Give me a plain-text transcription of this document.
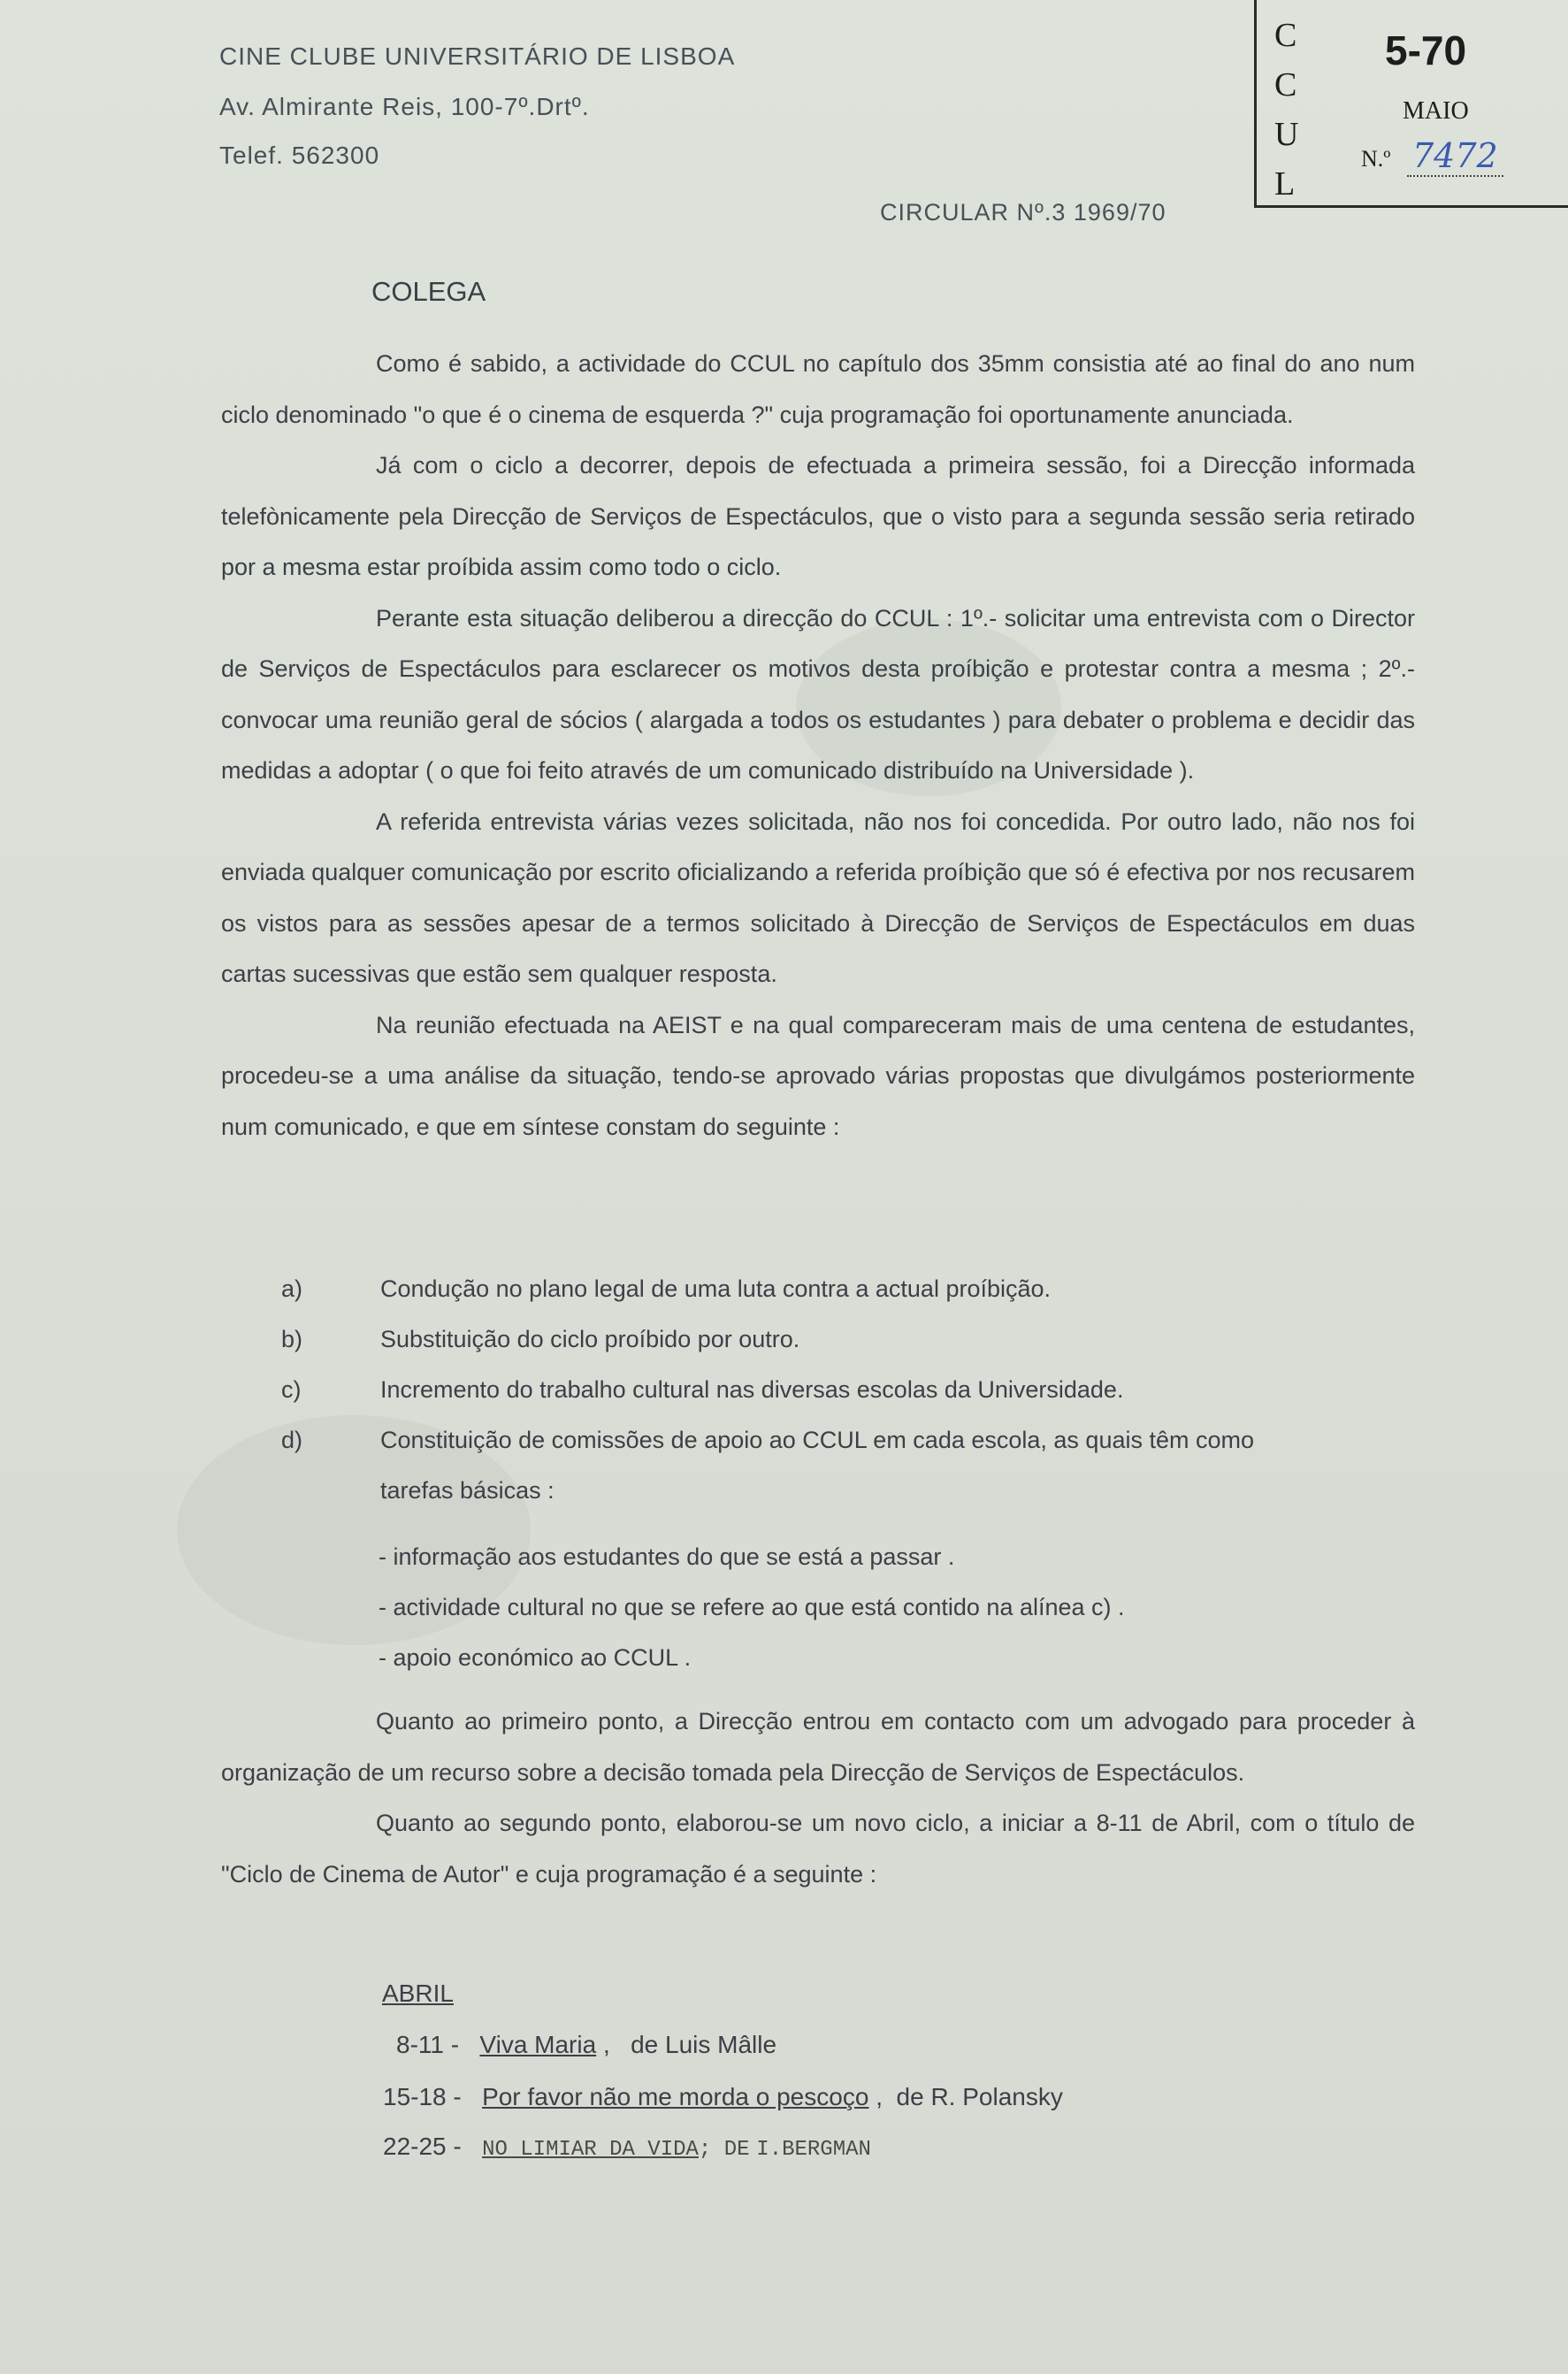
CINE CLUBE UNIVERSITÁRIO DE LISBOA
Av. Almirante Reis, 100-7º.Drtº.
Telef. 562300
C
C
U
L
5-70
MAIO
N.º 7472
CIRCULAR Nº.3 1969/70
COLEGA

Como é sabido, a actividade do CCUL no capítulo dos 35mm consistia até ao final do ano num ciclo denominado "o que é o cinema de esquerda ?" cuja programação foi oportunamente anunciada.

Já com o ciclo a decorrer, depois de efectuada a primeira sessão, foi a Direcção informada telefònicamente pela Direcção de Serviços de Espectáculos, que o visto para a segunda sessão seria retirado por a mesma estar proíbida assim como todo o ciclo.

Perante esta situação deliberou a direcção do CCUL : 1º.- solicitar uma entrevista com o Director de Serviços de Espectáculos para esclarecer os motivos desta proíbição e protestar contra a mesma ; 2º.- convocar uma reunião geral de sócios ( alargada a todos os estudantes ) para debater o problema e decidir das medidas a adoptar ( o que foi feito através de um comunicado distribuído na Universidade ).

A referida entrevista várias vezes solicitada, não nos foi concedida. Por outro lado, não nos foi enviada qualquer comunicação por escrito oficializando a referida proíbição que só é efectiva por nos recusarem os vistos para as sessões apesar de a termos solicitado à Direcção de Serviços de Espectáculos em duas cartas sucessivas que estão sem qualquer resposta.

Na reunião efectuada na AEIST e na qual compareceram mais de uma centena de estudantes, procedeu-se a uma análise da situação, tendo-se aprovado várias propostas que divulgámos posteriormente num comunicado, e que em síntese constam do seguinte :

a)	Condução no plano legal de uma luta contra a actual proíbição.
b)	Substituição do ciclo proíbido por outro.
c)	Incremento do trabalho cultural nas diversas escolas da Universidade.
d)	Constituição de comissões de apoio ao CCUL em cada escola, as quais têm como
tarefas básicas :
- informação aos estudantes do que se está a passar .
- actividade cultural no que se refere ao que está contido na alínea c) .
- apoio económico ao CCUL .

Quanto ao primeiro ponto, a Direcção entrou em contacto com um advogado para proceder à organização de um recurso sobre a decisão tomada pela Direcção de Serviços de Espectáculos.

Quanto ao segundo ponto, elaborou-se um novo ciclo, a iniciar a 8-11 de Abril, com o título de "Ciclo de Cinema de Autor" e cuja programação é a seguinte :

ABRIL
8-11 - Viva Maria , de Luis Mâlle
15-18 - Por favor não me morda o pescoço , de R. Polansky
22-25 - NO LIMIAR DA VIDA; DE I.BERGMAN
